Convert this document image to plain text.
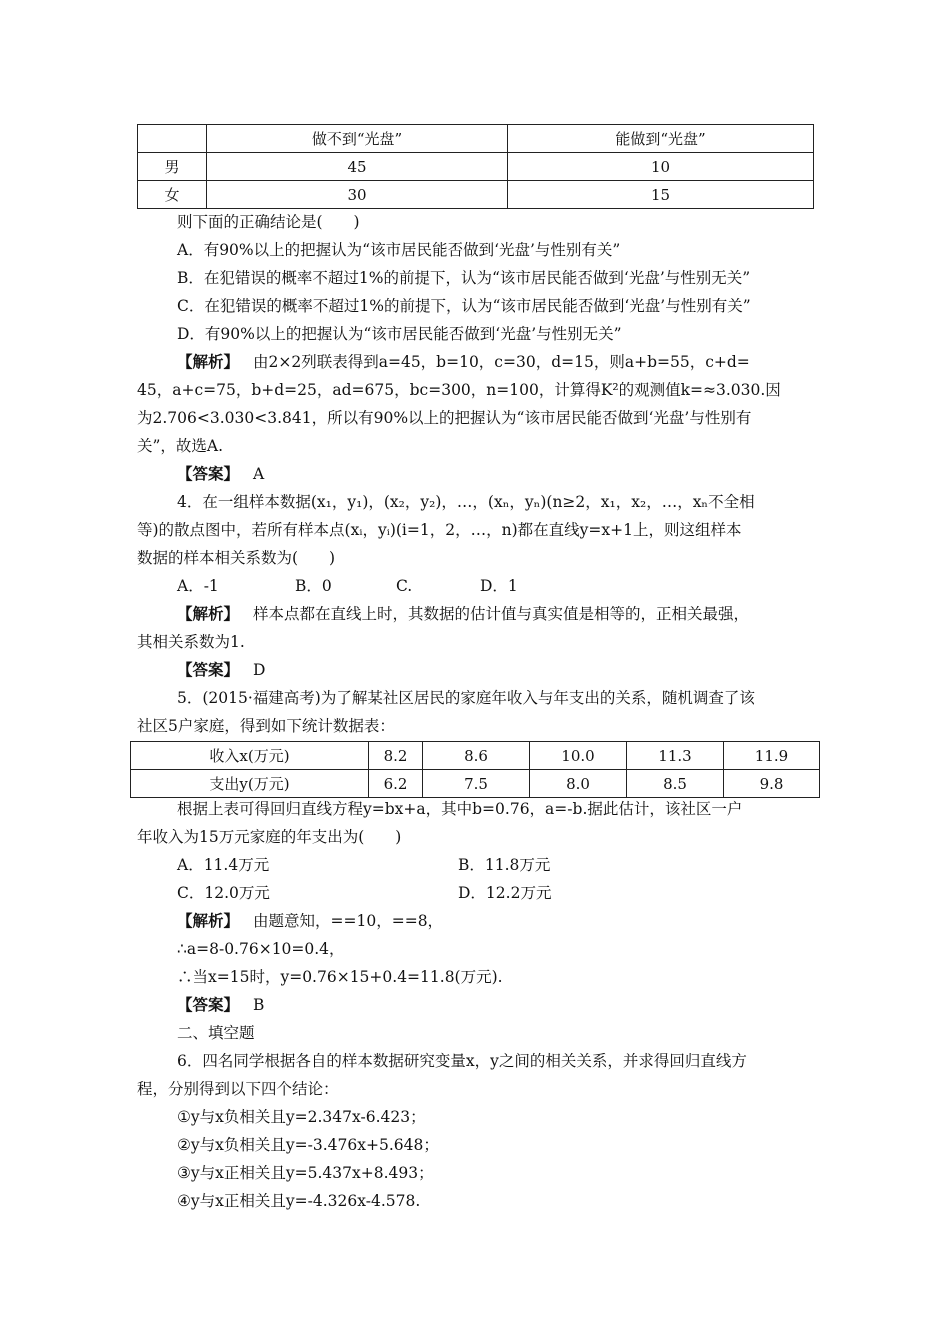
	做不到“光盘”	能做到“光盘”
男	45	10
女	30	15
则下面的正确结论是(　　)
A．有90%以上的把握认为“该市居民能否做到‘光盘’与性别有关”
B．在犯错误的概率不超过1%的前提下，认为“该市居民能否做到‘光盘’与性别无关”
C．在犯错误的概率不超过1%的前提下，认为“该市居民能否做到‘光盘’与性别有关”
D．有90%以上的把握认为“该市居民能否做到‘光盘’与性别无关”
【解析】 由2×2列联表得到a=45，b=10，c=30，d=15，则a+b=55，c+d=
45，a+c=75，b+d=25，ad=675，bc=300，n=100，计算得K²的观测值k=≈3.030.因
为2.706<3.030<3.841，所以有90%以上的把握认为“该市居民能否做到‘光盘’与性别有
关”，故选A.
【答案】 A
4．在一组样本数据(x₁，y₁)，(x₂，y₂)，…，(xₙ，yₙ)(n≥2，x₁，x₂，…，xₙ不全相
等)的散点图中，若所有样本点(xᵢ，yᵢ)(i=1，2，…，n)都在直线y=x+1上，则这组样本
数据的样本相关系数为(　　)
A．-1	B．0	C.	D．1
【解析】 样本点都在直线上时，其数据的估计值与真实值是相等的，正相关最强，
其相关系数为1.
【答案】 D
5．(2015·福建高考)为了解某社区居民的家庭年收入与年支出的关系，随机调查了该
社区5户家庭，得到如下统计数据表：
收入x(万元)	8.2	8.6	10.0	11.3	11.9
支出y(万元)	6.2	7.5	8.0	8.5	9.8
根据上表可得回归直线方程y=bx+a，其中b=0.76，a=-b.据此估计，该社区一户
年收入为15万元家庭的年支出为(　　)
A．11.4万元	B．11.8万元
C．12.0万元	D．12.2万元
【解析】 由题意知，==10，==8，
∴a=8-0.76×10=0.4，
∴当x=15时，y=0.76×15+0.4=11.8(万元).
【答案】 B
二、填空题
6．四名同学根据各自的样本数据研究变量x，y之间的相关关系，并求得回归直线方
程，分别得到以下四个结论：
①y与x负相关且y=2.347x-6.423；
②y与x负相关且y=-3.476x+5.648；
③y与x正相关且y=5.437x+8.493；
④y与x正相关且y=-4.326x-4.578.
